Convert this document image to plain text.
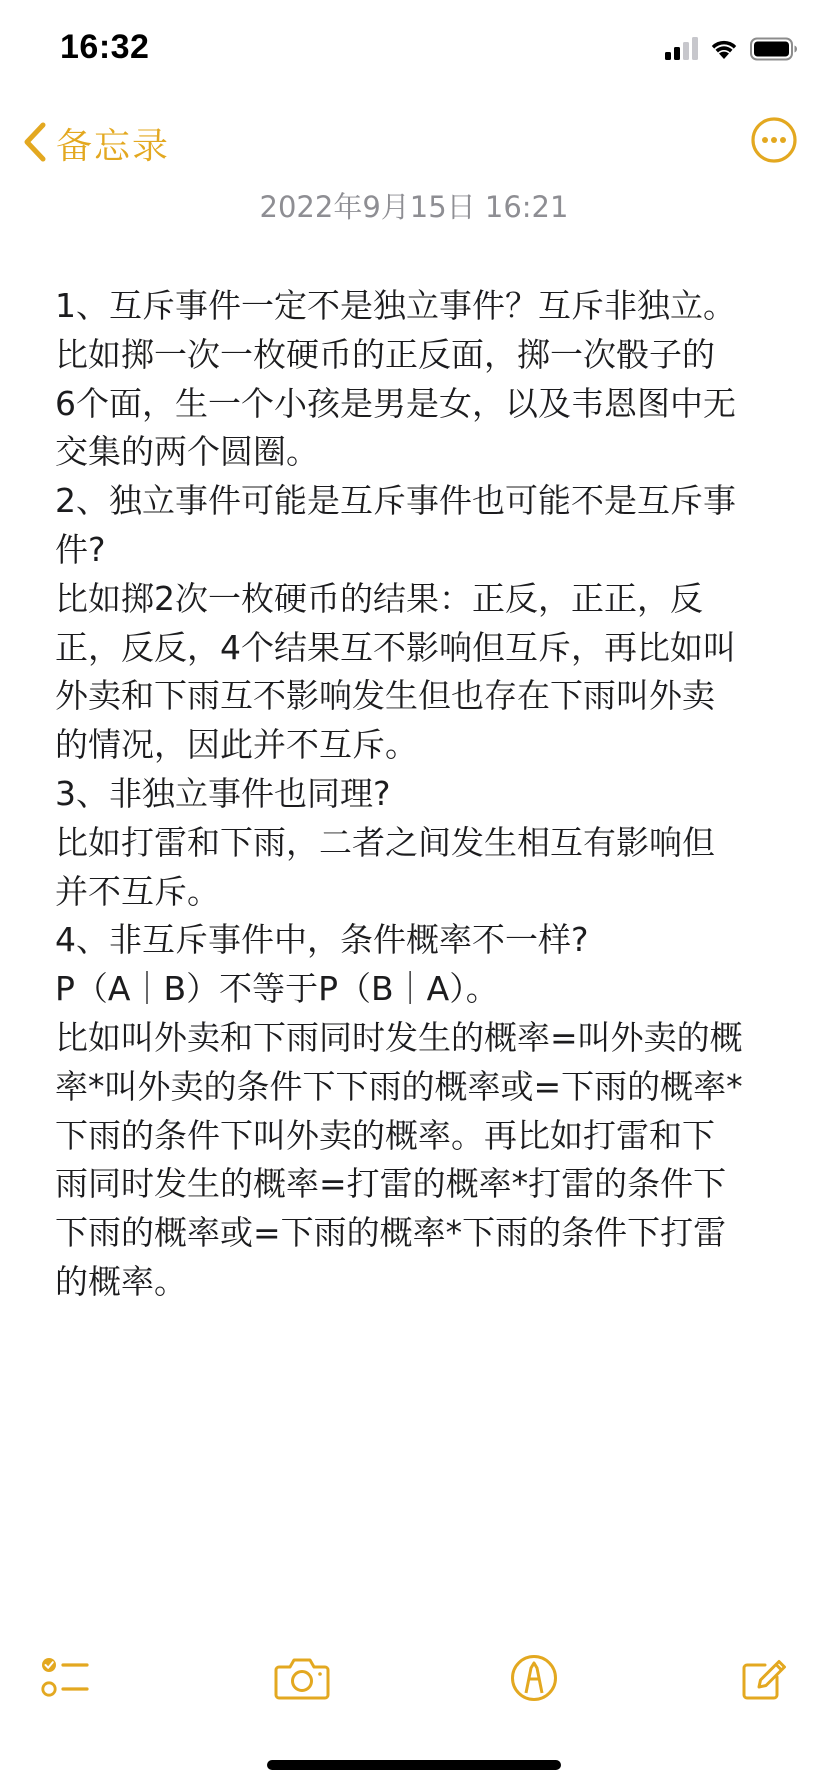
16:32
备忘录
2022年9月15日 16:21
1、互斥事件一定不是独立事件？互斥非独立。
比如掷一次一枚硬币的正反面，掷一次骰子的
6个面，生一个小孩是男是女，以及韦恩图中无
交集的两个圆圈。
2、独立事件可能是互斥事件也可能不是互斥事
件?
比如掷2次一枚硬币的结果：正反，正正，反
正，反反，4个结果互不影响但互斥，再比如叫
外卖和下雨互不影响发生但也存在下雨叫外卖
的情况，因此并不互斥。
3、非独立事件也同理?
比如打雷和下雨，二者之间发生相互有影响但
并不互斥。
4、非互斥事件中，条件概率不一样?
P（A｜B）不等于P（B｜A）。
比如叫外卖和下雨同时发生的概率=叫外卖的概
率*叫外卖的条件下下雨的概率或=下雨的概率*
下雨的条件下叫外卖的概率。再比如打雷和下
雨同时发生的概率=打雷的概率*打雷的条件下
下雨的概率或=下雨的概率*下雨的条件下打雷
的概率。
